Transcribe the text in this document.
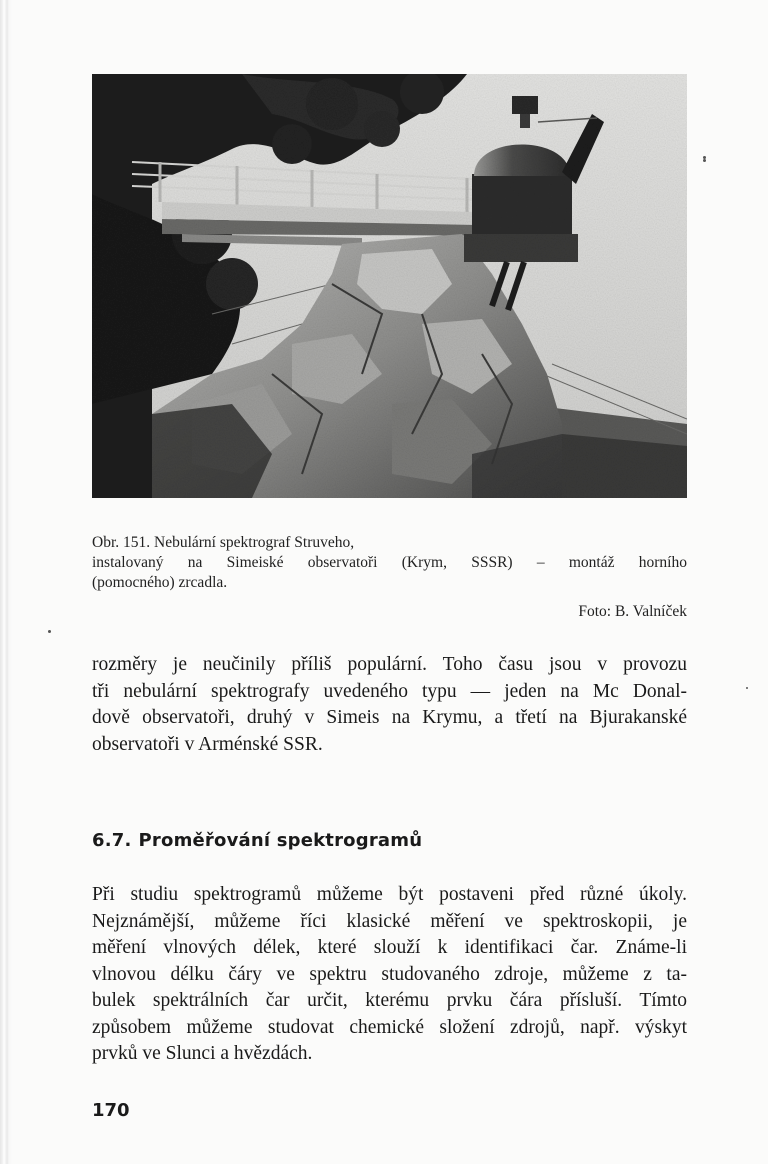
Obr. 151. Nebulární spektrograf Struveho,
instalovaný na Simeiské observatoři (Krym, SSSR) – montáž horního
(pomocného) zrcadla.
Foto: B. Valníček
rozměry je neučinily příliš populární. Toho času jsou v provozu
tři nebulární spektrografy uvedeného typu — jeden na Mc Donal-
dově observatoři, druhý v Simeis na Krymu, a třetí na Bjurakanské
observatoři v Arménské SSR.
6.7. Proměřování spektrogramů
Při studiu spektrogramů můžeme být postaveni před různé úkoly.
Nejznámější, můžeme říci klasické měření ve spektroskopii, je
měření vlnových délek, které slouží k identifikaci čar. Známe-li
vlnovou délku čáry ve spektru studovaného zdroje, můžeme z ta-
bulek spektrálních čar určit, kterému prvku čára přísluší. Tímto
způsobem můžeme studovat chemické složení zdrojů, např. výskyt
prvků ve Slunci a hvězdách.
170
